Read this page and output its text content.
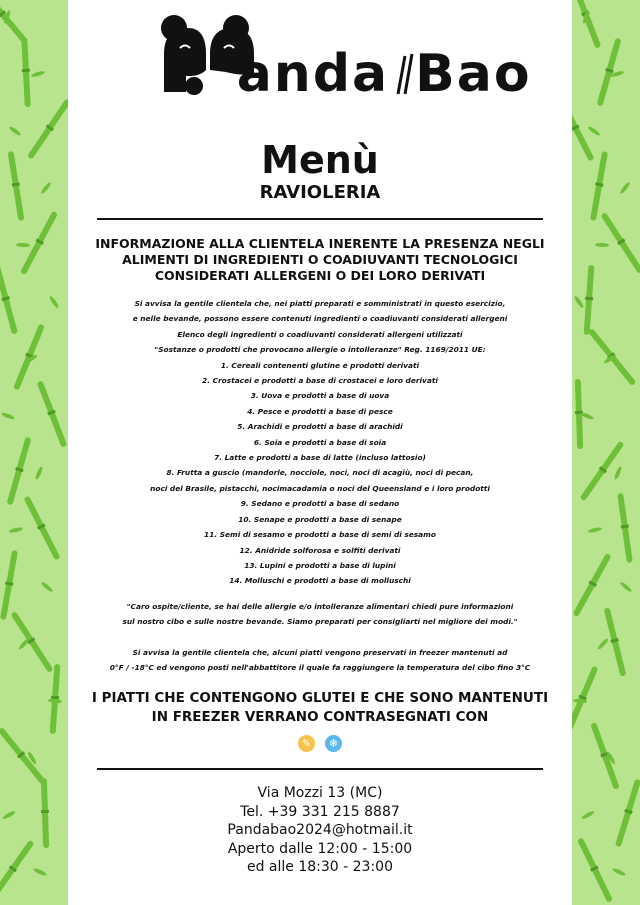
anda Bao
Menù
RAVIOLERIA
INFORMAZIONE ALLA CLIENTELA INERENTE LA PRESENZA NEGLI
ALIMENTI DI INGREDIENTI O COADIUVANTI TECNOLOGICI
CONSIDERATI ALLERGENI O DEI LORO DERIVATI
Si avvisa la gentile clientela che, nei piatti preparati e somministrati in questo esercizio,
e nelle bevande, possono essere contenuti ingredienti o coadiuvanti considerati allergeni
Elenco degli ingredienti o coadiuvanti considerati allergeni utilizzati
"Sostanze o prodotti che provocano allergie o intolleranze" Reg. 1169/2011 UE:
1. Cereali contenenti glutine e prodotti derivati
2. Crostacei e prodotti a base di crostacei e loro derivati
3. Uova e prodotti a base di uova
4. Pesce e prodotti a base di pesce
5. Arachidi e prodotti a base di arachidi
6. Soia e prodotti a base di soia
7. Latte e prodotti a base di latte (incluso lattosio)
8. Frutta a guscio (mandorle, nocciole, noci, noci di acagiù, noci di pecan,
noci del Brasile, pistacchi, nocimacadamia o noci del Queensland e i loro prodotti
9. Sedano e prodotti a base di sedano
10. Senape e prodotti a base di senape
11. Semi di sesamo e prodotti a base di semi di sesamo
12. Anidride solforosa e solfiti derivati
13. Lupini e prodotti a base di lupini
14. Molluschi e prodotti a base di molluschi
"Caro ospite/cliente, se hai delle allergie e/o intolleranze alimentari chiedi pure informazioni
sul nostro cibo e sulle nostre bevande. Siamo preparati per consigliarti nel migliore dei modi."
Si avvisa la gentile clientela che, alcuni piatti vengono preservati in freezer mantenuti ad
0°F / -18°C ed vengono posti nell'abbattitore il quale fa raggiungere la temperatura del cibo fino 3°C
I PIATTI CHE CONTENGONO GLUTEI E CHE SONO MANTENUTI
IN FREEZER VERRANO CONTRASEGNATI CON
✎	❄
Via Mozzi 13 (MC)
Tel. +39 331 215 8887
Pandabao2024@hotmail.it
Aperto dalle 12:00 - 15:00
ed alle 18:30 - 23:00
